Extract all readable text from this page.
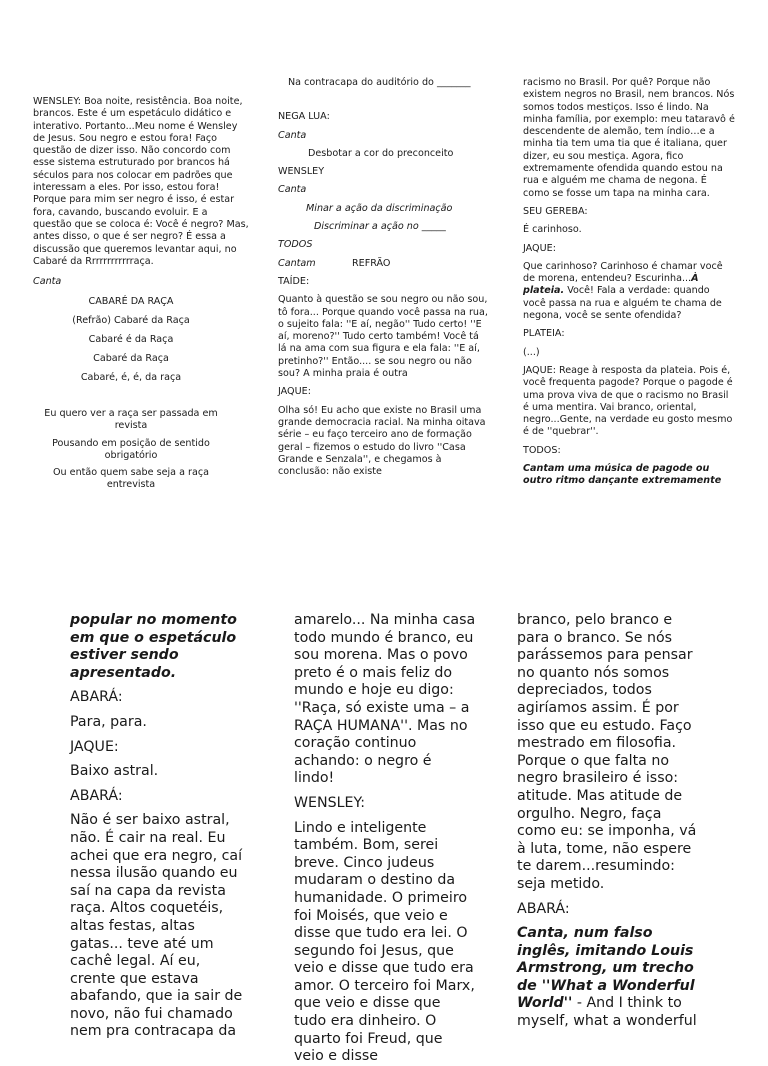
WENSLEY: Boa noite, resistência. Boa noite, brancos. Este é um espetáculo didático e interativo. Portanto...Meu nome é Wensley de Jesus. Sou negro e estou fora! Faço questão de dizer isso. Não concordo com esse sistema estruturado por brancos há séculos para nos colocar em padrões que interessam a eles. Por isso, estou fora! Porque para mim ser negro é isso, é estar fora, cavando, buscando evoluir. E a questão que se coloca é: Você é negro? Mas, antes disso, o que é ser negro? É essa a discussão que queremos levantar aqui, no Cabaré da Rrrrrrrrrrrraça.

Canta

CABARÉ DA RAÇA

(Refrão) Cabaré da Raça

Cabaré é da Raça

Cabaré da Raça

Cabaré, é, é, da raça

Eu quero ver a raça ser passada em revista

Pousando em posição de sentido obrigatório

Ou então quem sabe seja a raça entrevista

Na contracapa do auditório do _______

NEGA LUA:

Canta

Desbotar a cor do preconceito

WENSLEY

Canta

Minar a ação da discriminação

Discriminar a ação no _____

TODOS

Cantam	REFRÃO

TAÍDE:

Quanto à questão se sou negro ou não sou, tô fora... Porque quando você passa na rua, o sujeito fala: ''E aí, negão'' Tudo certo! ''E aí, moreno?'' Tudo certo também! Você tá lá na ama com sua figura e ela fala: ''E aí, pretinho?'' Então.... se sou negro ou não sou? A minha praia é outra

JAQUE:

Olha só! Eu acho que existe no Brasil uma grande democracia racial. Na minha oitava série – eu faço terceiro ano de formação geral – fizemos o estudo do livro ''Casa Grande e Senzala'', e chegamos à conclusão: não existe

racismo no Brasil. Por quê? Porque não existem negros no Brasil, nem brancos. Nós somos todos mestiços. Isso é lindo. Na minha família, por exemplo: meu tataravô é descendente de alemão, tem índio…e a minha tia tem uma tia que é italiana, quer dizer, eu sou mestiça. Agora, fico extremamente ofendida quando estou na rua e alguém me chama de negona. É como se fosse um tapa na minha cara.

SEU GEREBA:

É carinhoso.

JAQUE:

Que carinhoso? Carinhoso é chamar você de morena, entendeu? Escurinha...À plateia. Você! Fala a verdade: quando você passa na rua e alguém te chama de negona, você se sente ofendida?

PLATEIA:

(...)

JAQUE: Reage à resposta da plateia. Pois é, você frequenta pagode? Porque o pagode é uma prova viva de que o racismo no Brasil é uma mentira. Vai branco, oriental, negro...Gente, na verdade eu gosto mesmo é de ''quebrar''.

TODOS:

Cantam uma música de pagode ou outro ritmo dançante extremamente

popular no momento em que o espetáculo estiver sendo apresentado.

ABARÁ:

Para, para.

JAQUE:

Baixo astral.

ABARÁ:

Não é ser baixo astral, não. É cair na real. Eu achei que era negro, caí nessa ilusão quando eu saí na capa da revista raça. Altos coquetéis, altas festas, altas gatas... teve até um cachê legal. Aí eu, crente que estava abafando, que ia sair de novo, não fui chamado nem pra contracapa da

amarelo... Na minha casa todo mundo é branco, eu sou morena. Mas o povo preto é o mais feliz do mundo e hoje eu digo: ''Raça, só existe uma – a RAÇA HUMANA''. Mas no coração continuo achando: o negro é lindo!

WENSLEY:

Lindo e inteligente também. Bom, serei breve. Cinco judeus mudaram o destino da humanidade. O primeiro foi Moisés, que veio e disse que tudo era lei. O segundo foi Jesus, que veio e disse que tudo era amor. O terceiro foi Marx, que veio e disse que tudo era dinheiro. O quarto foi Freud, que veio e disse

branco, pelo branco e para o branco. Se nós parássemos para pensar no quanto nós somos depreciados, todos agiríamos assim. É por isso que eu estudo. Faço mestrado em filosofia. Porque o que falta no negro brasileiro é isso: atitude. Mas atitude de orgulho. Negro, faça como eu: se imponha, vá à luta, tome, não espere te darem...resumindo: seja metido.

ABARÁ:

Canta, num falso inglês, imitando Louis Armstrong, um trecho de ''What a Wonderful World'' - And I think to myself, what a wonderful
